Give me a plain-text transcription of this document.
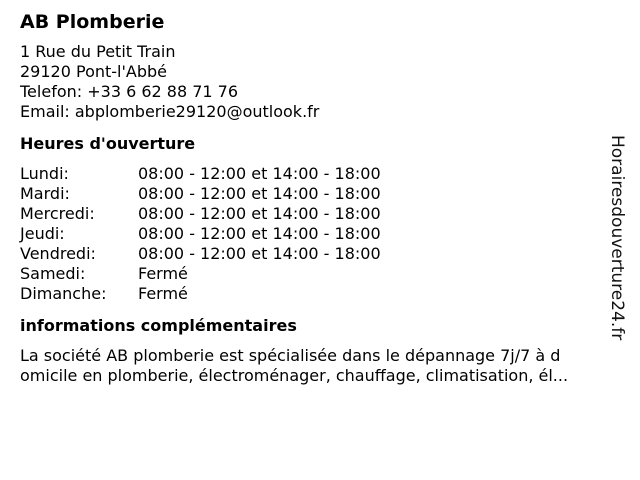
AB Plomberie
1 Rue du Petit Train
29120 Pont-l'Abbé
Telefon: +33 6 62 88 71 76
Email: abplomberie29120@outlook.fr
Heures d'ouverture
Lundi:	08:00 - 12:00 et 14:00 - 18:00
Mardi:	08:00 - 12:00 et 14:00 - 18:00
Mercredi:	08:00 - 12:00 et 14:00 - 18:00
Jeudi:	08:00 - 12:00 et 14:00 - 18:00
Vendredi:	08:00 - 12:00 et 14:00 - 18:00
Samedi:	Fermé
Dimanche:	Fermé
informations complémentaires
La société AB plomberie est spécialisée dans le dépannage 7j/7 à d
omicile en plomberie, électroménager, chauffage, climatisation, él...
Horairesdouverture24.fr
